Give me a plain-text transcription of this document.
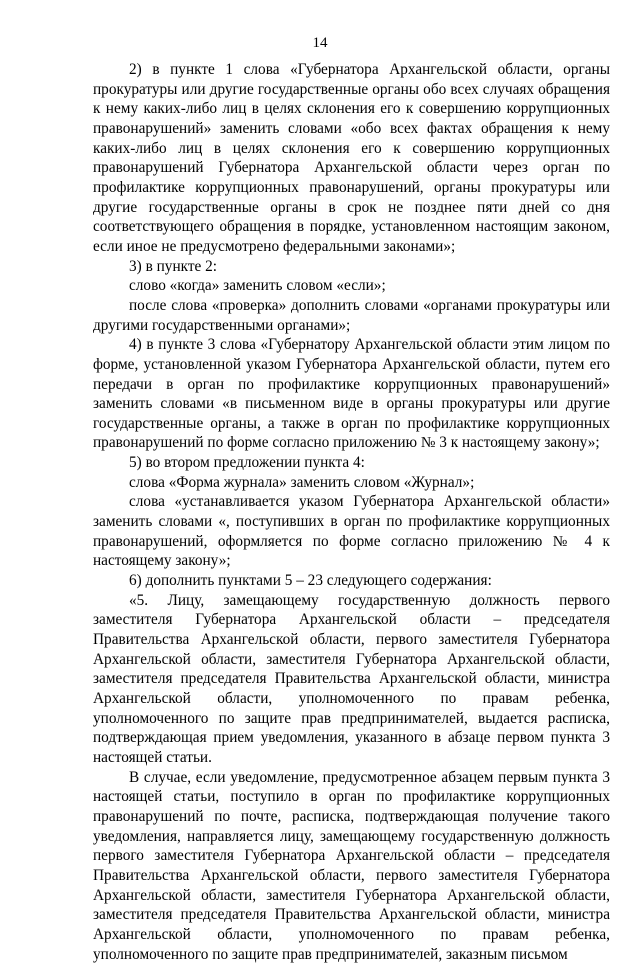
14

2) в пункте 1 слова «Губернатора Архангельской области, органы прокуратуры или другие государственные органы обо всех случаях обращения к нему каких-либо лиц в целях склонения его к совершению коррупционных правонарушений» заменить словами «обо всех фактах обращения к нему каких-либо лиц в целях склонения его к совершению коррупционных правонарушений Губернатора Архангельской области через орган по профилактике коррупционных правонарушений, органы прокуратуры или другие государственные органы в срок не позднее пяти дней со дня соответствующего обращения в порядке, установленном настоящим законом, если иное не предусмотрено федеральными законами»;

3) в пункте 2:

слово «когда» заменить словом «если»;

после слова «проверка» дополнить словами «органами прокуратуры или другими государственными органами»;

4) в пункте 3 слова «Губернатору Архангельской области этим лицом по форме, установленной указом Губернатора Архангельской области, путем его передачи в орган по профилактике коррупционных правонарушений» заменить словами «в письменном виде в органы прокуратуры или другие государственные органы, а также в орган по профилактике коррупционных правонарушений по форме согласно приложению № 3 к настоящему закону»;

5) во втором предложении пункта 4:

слова «Форма журнала» заменить словом «Журнал»;

слова «устанавливается указом Губернатора Архангельской области» заменить словами «, поступивших в орган по профилактике коррупционных правонарушений, оформляется по форме согласно приложению № 4 к настоящему закону»;

6) дополнить пунктами 5 – 23 следующего содержания:

«5. Лицу, замещающему государственную должность первого заместителя Губернатора Архангельской области – председателя Правительства Архангельской области, первого заместителя Губернатора Архангельской области, заместителя Губернатора Архангельской области, заместителя председателя Правительства Архангельской области, министра Архангельской области, уполномоченного по правам ребенка, уполномоченного по защите прав предпринимателей, выдается расписка, подтверждающая прием уведомления, указанного в абзаце первом пункта 3 настоящей статьи.

В случае, если уведомление, предусмотренное абзацем первым пункта 3 настоящей статьи, поступило в орган по профилактике коррупционных правонарушений по почте, расписка, подтверждающая получение такого уведомления, направляется лицу, замещающему государственную должность первого заместителя Губернатора Архангельской области – председателя Правительства Архангельской области, первого заместителя Губернатора Архангельской области, заместителя Губернатора Архангельской области, заместителя председателя Правительства Архангельской области, министра Архангельской области, уполномоченного по правам ребенка, уполномоченного по защите прав предпринимателей, заказным письмом
